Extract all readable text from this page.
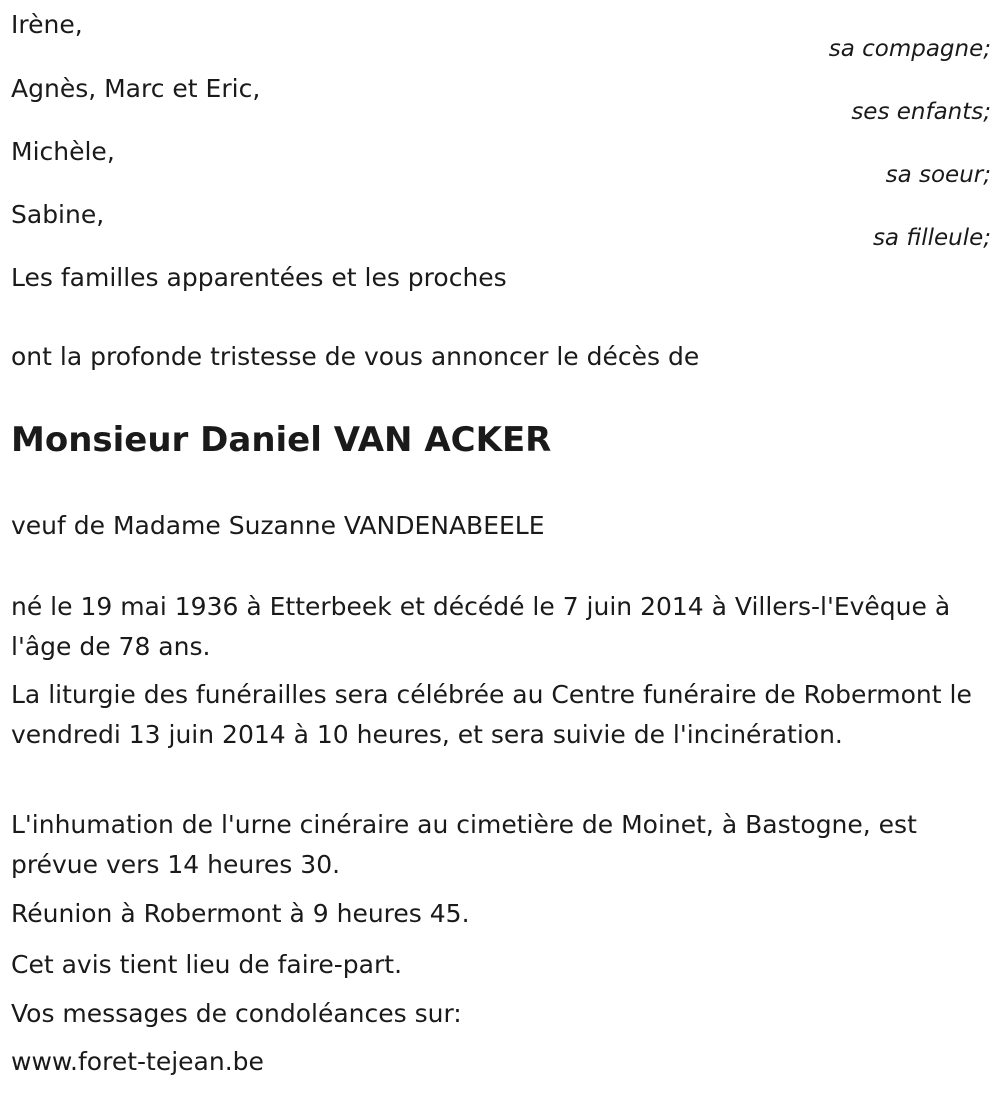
Irène,
sa compagne;
Agnès, Marc et Eric,
ses enfants;
Michèle,
sa soeur;
Sabine,
sa filleule;
Les familles apparentées et les proches
ont la profonde tristesse de vous annoncer le décès de
Monsieur Daniel VAN ACKER
veuf de Madame Suzanne VANDENABEELE
né le 19 mai 1936 à Etterbeek et décédé le 7 juin 2014 à Villers-l'Evêque à l'âge de 78 ans.
La liturgie des funérailles sera célébrée au Centre funéraire de Robermont le vendredi 13 juin 2014 à 10 heures, et sera suivie de l'incinération.
L'inhumation de l'urne cinéraire au cimetière de Moinet, à Bastogne, est prévue vers 14 heures 30.
Réunion à Robermont à 9 heures 45.
Cet avis tient lieu de faire-part.
Vos messages de condoléances sur:
www.foret-tejean.be
